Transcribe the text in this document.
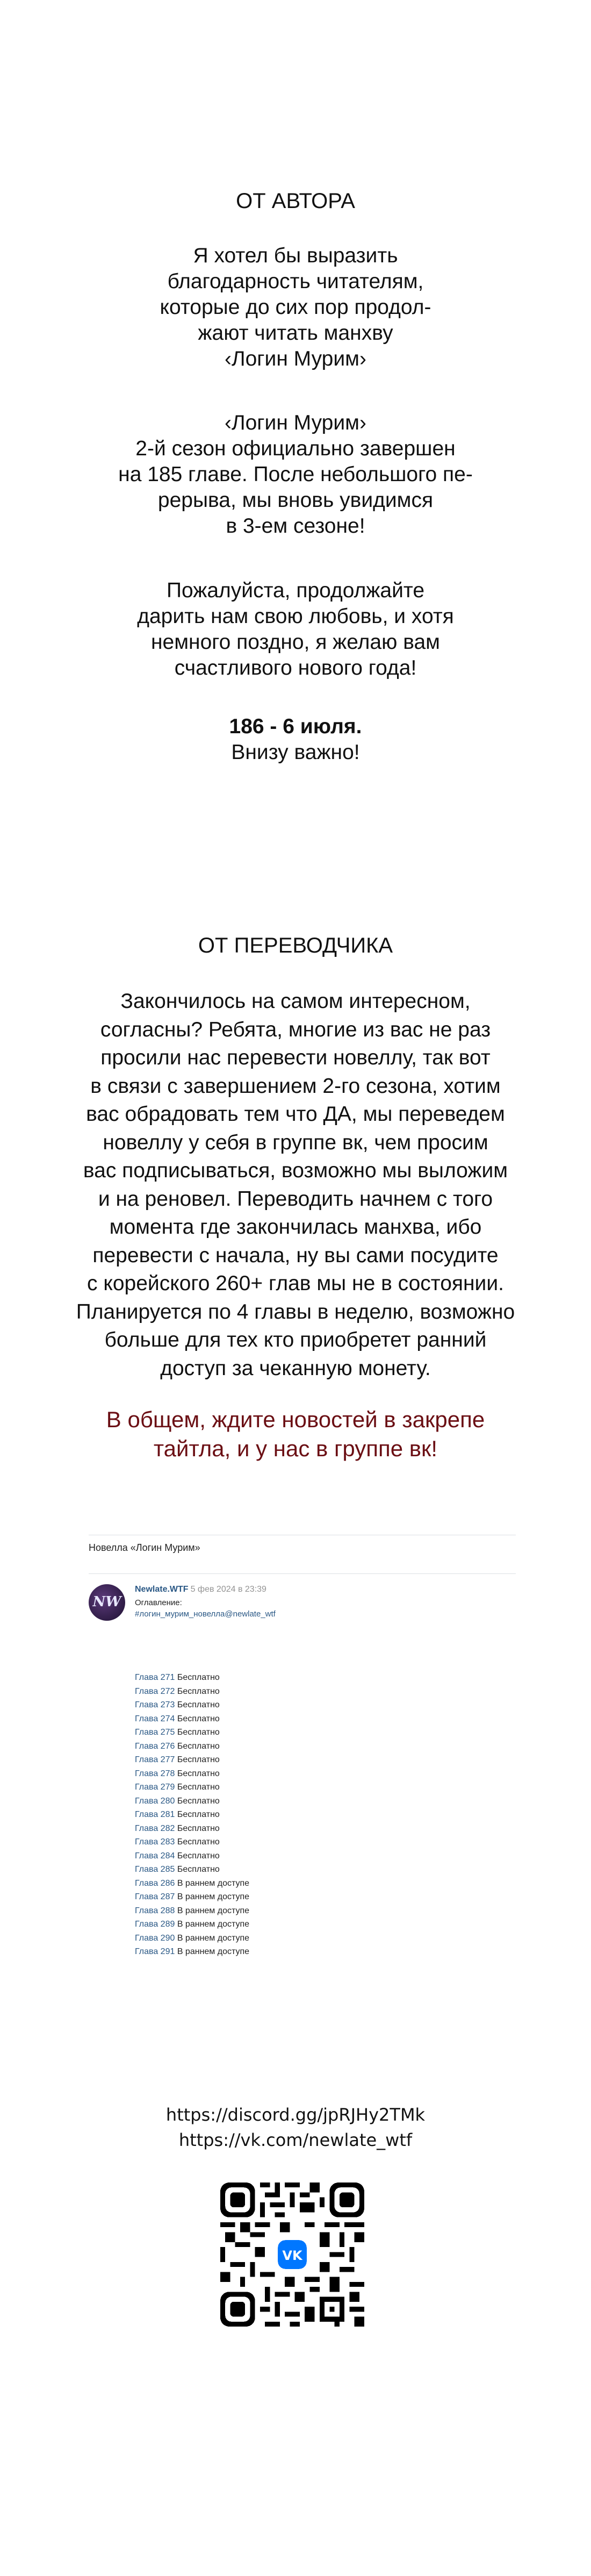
ОТ АВТОРА
Я хотел бы выразить
благодарность читателям,
которые до сих пор продол-
жают читать манхву
‹Логин Мурим›
‹Логин Мурим›
2-й сезон официально завершен
на 185 главе. После небольшого пе-
рерыва, мы вновь увидимся
в 3-ем сезоне!
Пожалуйста, продолжайте
дарить нам свою любовь, и хотя
немного поздно, я желаю вам
счастливого нового года!
186 - 6 июля.
Внизу важно!
ОТ ПЕРЕВОДЧИКА
Закончилось на самом интересном,
согласны? Ребята, многие из вас не раз
просили нас перевести новеллу, так вот
в связи с завершением 2-го сезона, хотим
вас обрадовать тем что ДА, мы переведем
новеллу у себя в группе вк, чем просим
вас подписываться, возможно мы выложим
и на реновел. Переводить начнем с того
момента где закончилась манхва, ибо
перевести с начала, ну вы сами посудите
с корейского 260+ глав мы не в состоянии.
Планируется по 4 главы в неделю, возможно
больше для тех кто приобретет ранний
доступ за чеканную монету.
В общем, ждите новостей в закрепе
тайтла, и у нас в группе вк!
Новелла «Логин Мурим»
NW
Newlate.WTF 5 фев 2024 в 23:39
Оглавление:
#логин_мурим_новелла@newlate_wtf
Глава 271 Бесплатно
Глава 272 Бесплатно
Глава 273 Бесплатно
Глава 274 Бесплатно
Глава 275 Бесплатно
Глава 276 Бесплатно
Глава 277 Бесплатно
Глава 278 Бесплатно
Глава 279 Бесплатно
Глава 280 Бесплатно
Глава 281 Бесплатно
Глава 282 Бесплатно
Глава 283 Бесплатно
Глава 284 Бесплатно
Глава 285 Бесплатно
Глава 286 В раннем доступе
Глава 287 В раннем доступе
Глава 288 В раннем доступе
Глава 289 В раннем доступе
Глава 290 В раннем доступе
Глава 291 В раннем доступе
https://discord.gg/jpRJHy2TMk
https://vk.com/newlate_wtf
VK
